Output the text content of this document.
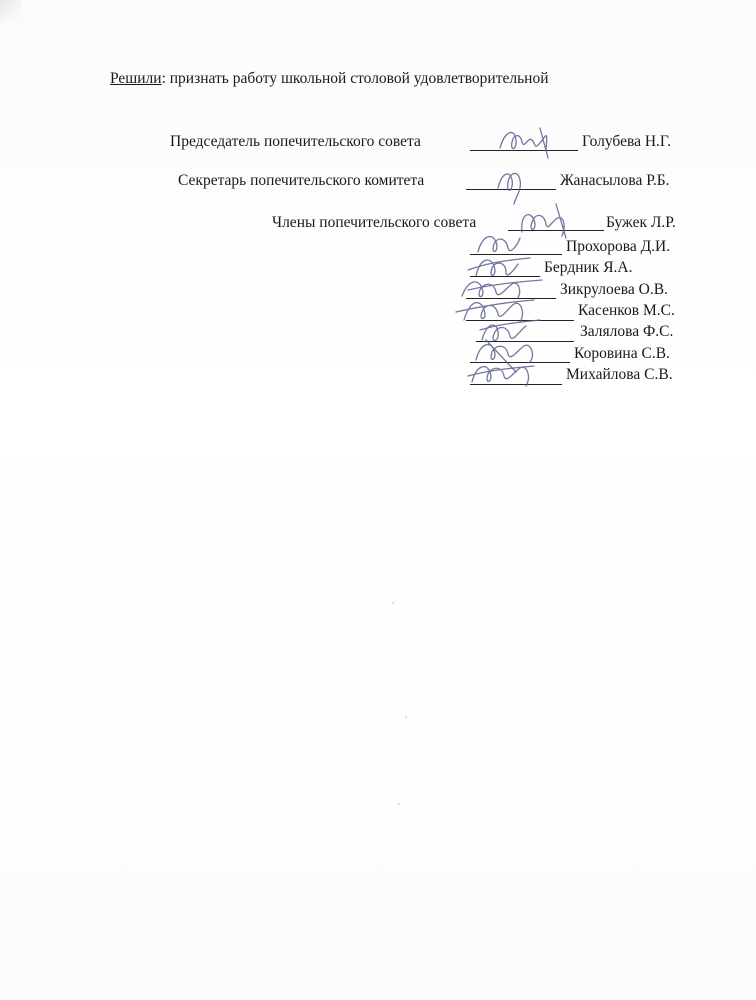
Решили: признать работу школьной столовой удовлетворительной
Председатель попечительского совета	Голубева Н.Г.
Секретарь попечительского комитета	Жанасылова Р.Б.
Члены попечительского совета	Бужек Л.Р.
Прохорова Д.И.
Бердник Я.А.
Зикрулоева О.В.
Касенков М.С.
Залялова Ф.С.
Коровина С.В.
Михайлова С.В.
